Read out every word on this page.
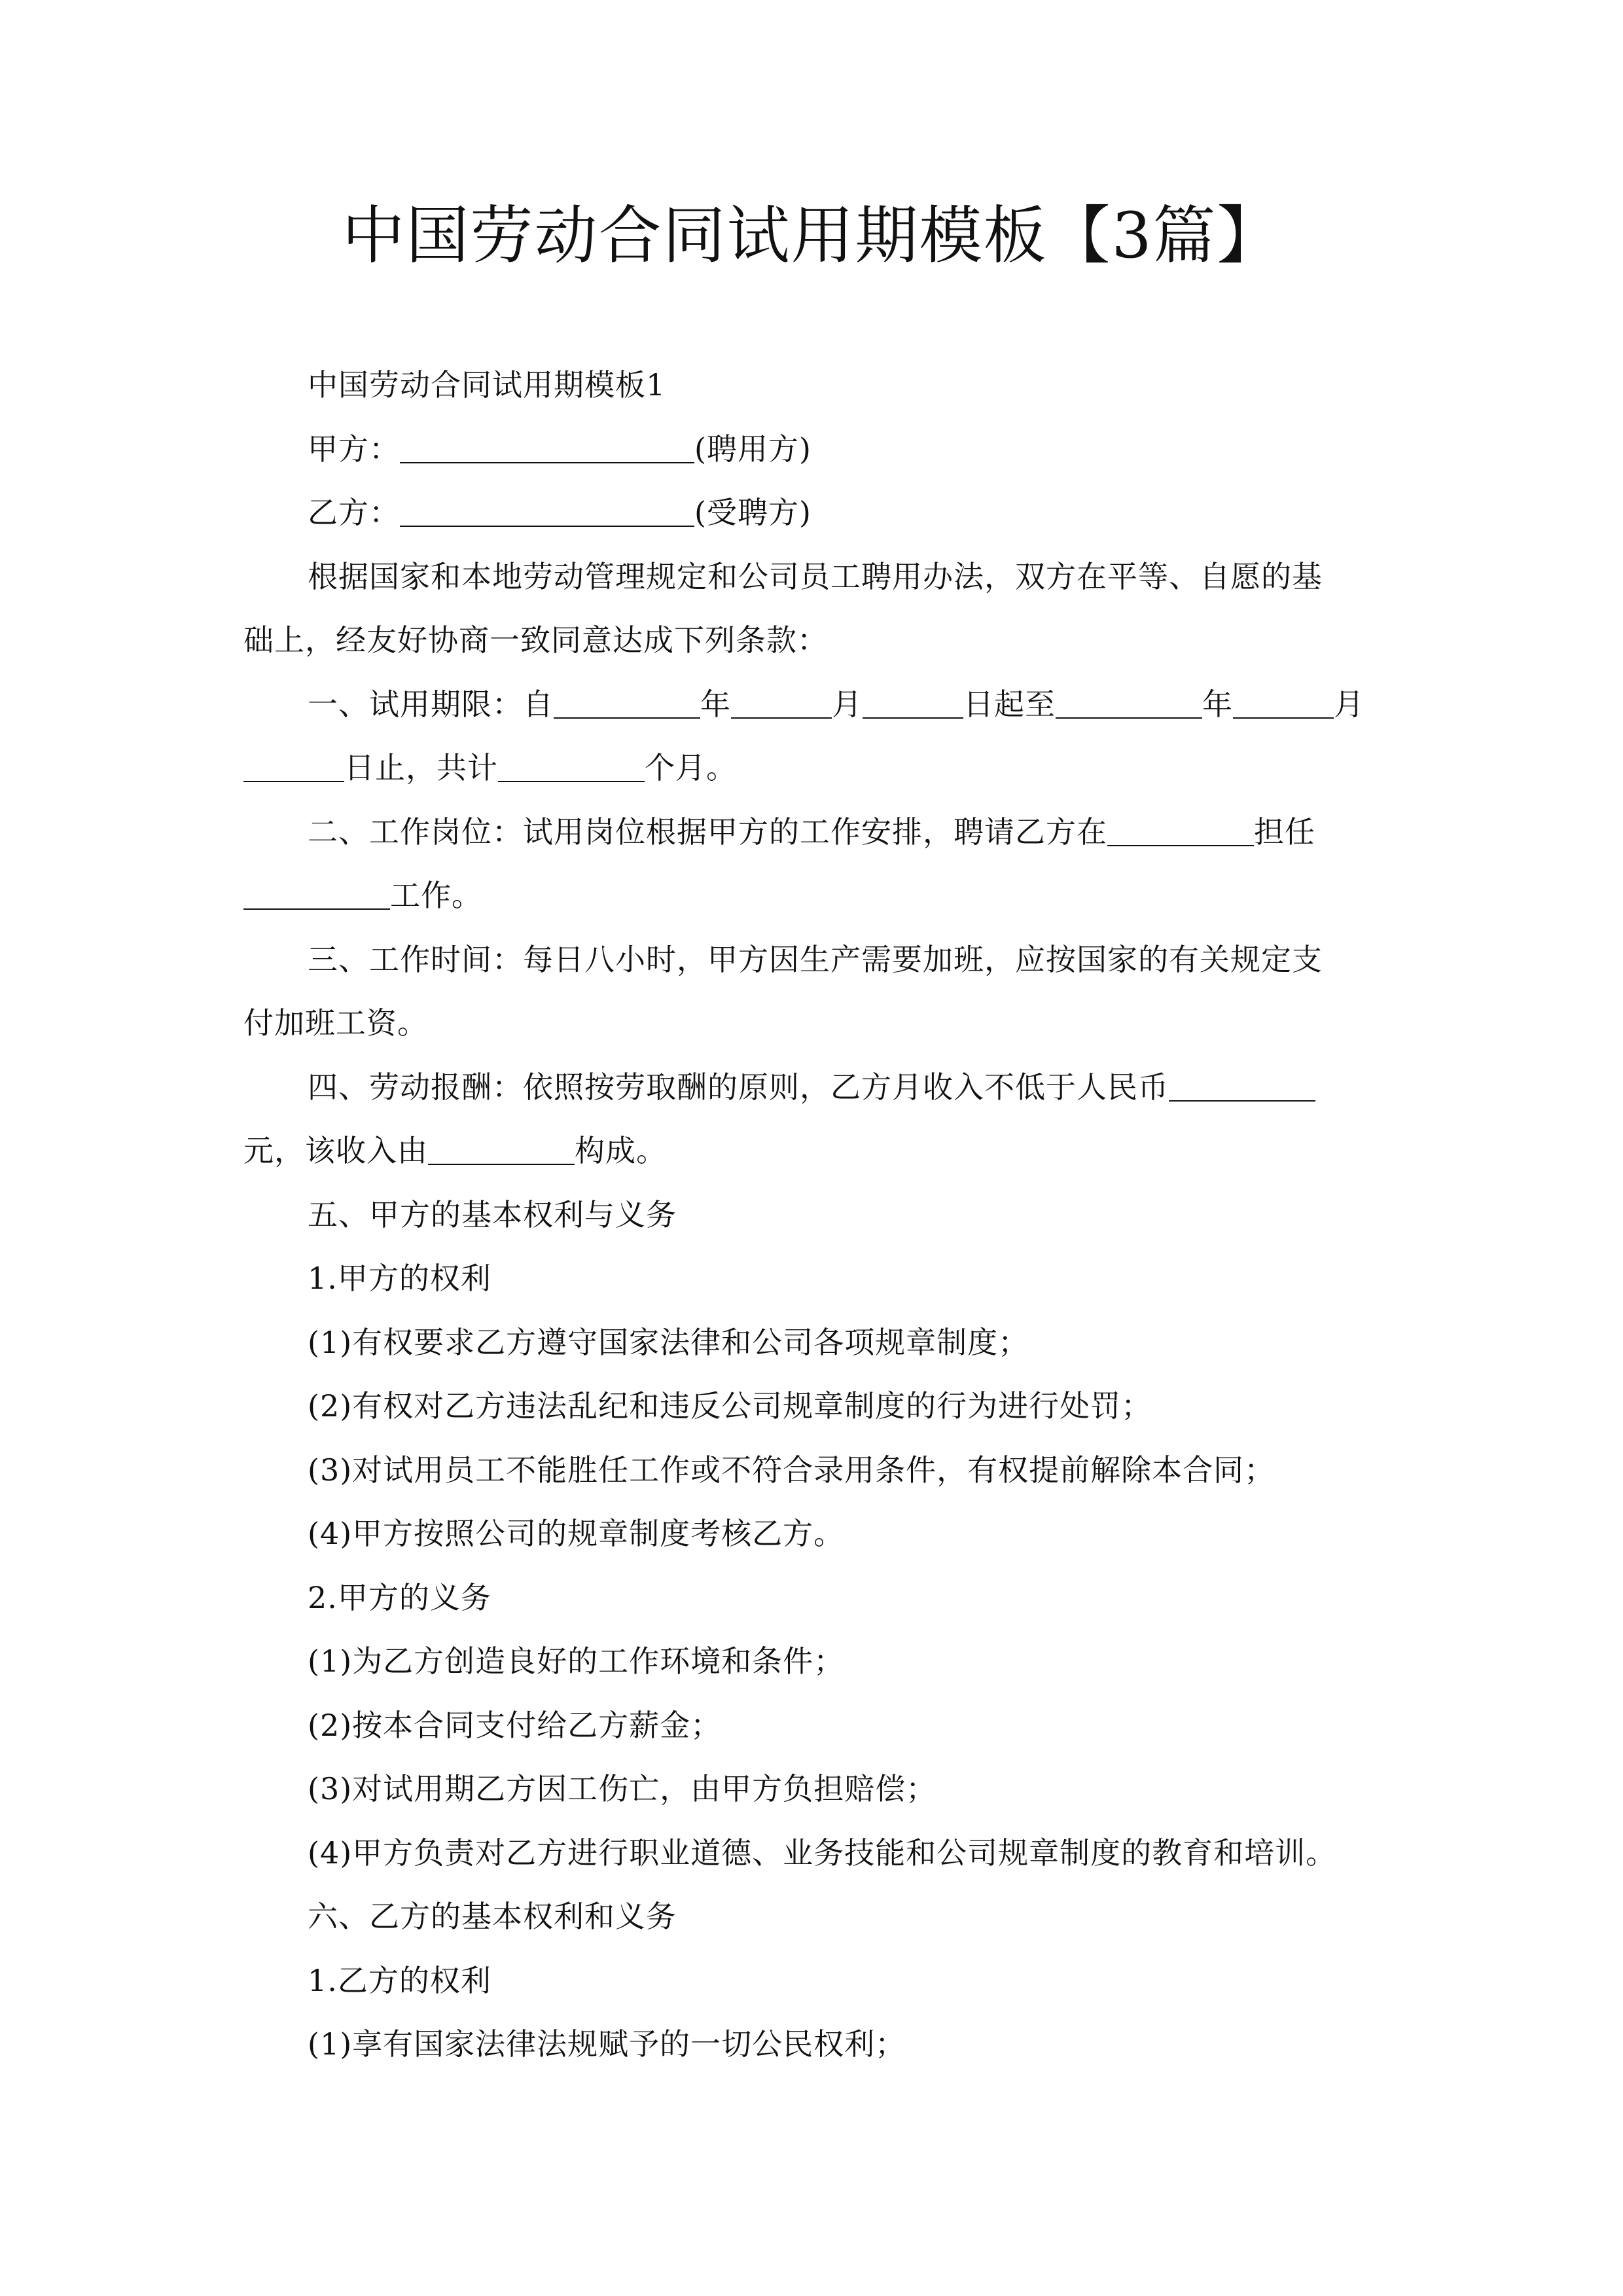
中国劳动合同试用期模板【3篇】
中国劳动合同试用期模板1
甲方：	(聘用方)
乙方：	(受聘方)
根据国家和本地劳动管理规定和公司员工聘用办法，双方在平等、自愿的基
础上，经友好协商一致同意达成下列条款：
一、试用期限：自	年	月	日起至	年	月
日止，共计	个月。
二、工作岗位：试用岗位根据甲方的工作安排，聘请乙方在	担任
工作。
三、工作时间：每日八小时，甲方因生产需要加班，应按国家的有关规定支
付加班工资。
四、劳动报酬：依照按劳取酬的原则，乙方月收入不低于人民币
元，该收入由	构成。
五、甲方的基本权利与义务
1.甲方的权利
(1)有权要求乙方遵守国家法律和公司各项规章制度；
(2)有权对乙方违法乱纪和违反公司规章制度的行为进行处罚；
(3)对试用员工不能胜任工作或不符合录用条件，有权提前解除本合同；
(4)甲方按照公司的规章制度考核乙方。
2.甲方的义务
(1)为乙方创造良好的工作环境和条件；
(2)按本合同支付给乙方薪金；
(3)对试用期乙方因工伤亡，由甲方负担赔偿；
(4)甲方负责对乙方进行职业道德、业务技能和公司规章制度的教育和培训。
六、乙方的基本权利和义务
1.乙方的权利
(1)享有国家法律法规赋予的一切公民权利；
